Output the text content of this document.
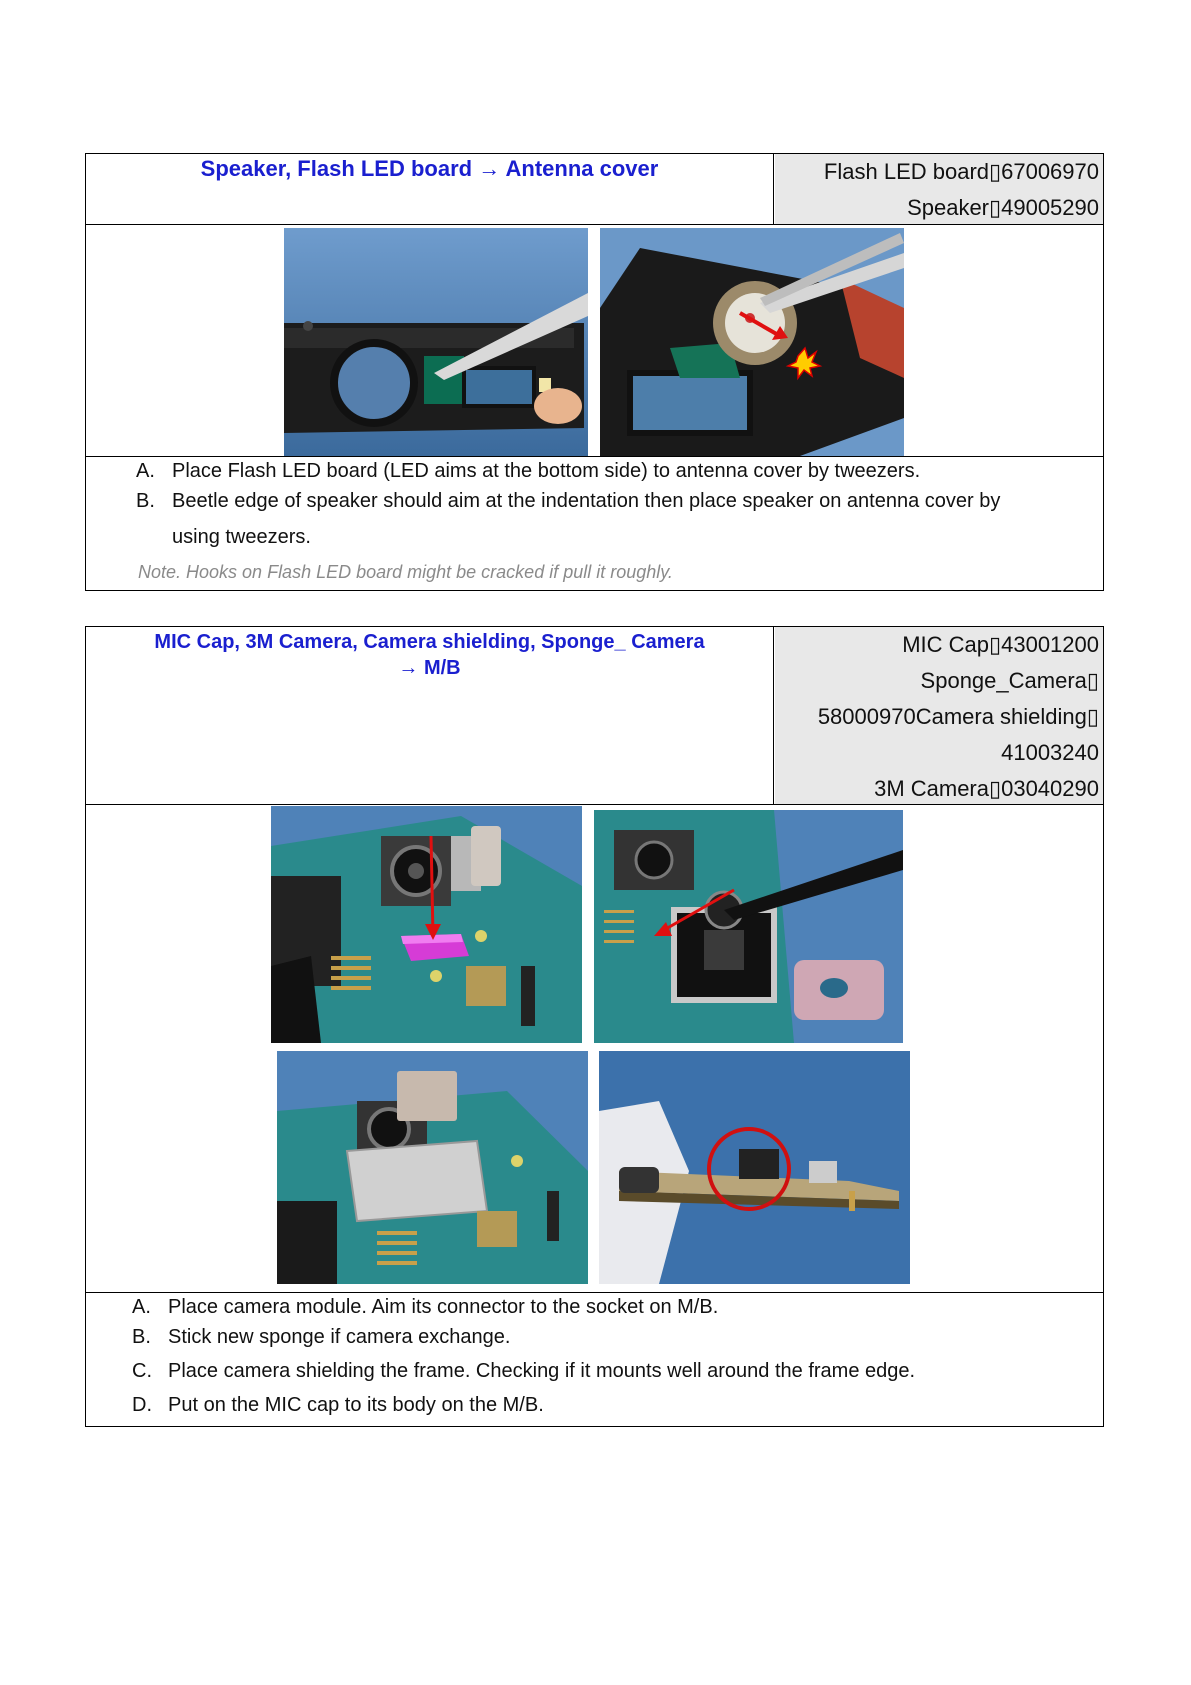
Speaker, Flash LED board → Antenna cover	Flash LED board▯67006970
Speaker▯49005290
A. Place Flash LED board (LED aims at the bottom side) to antenna cover by tweezers.
B. Beetle edge of speaker should aim at the indentation then place speaker on antenna cover by
using tweezers.
Note. Hooks on Flash LED board might be cracked if pull it roughly.
MIC Cap, 3M Camera, Camera shielding, Sponge_ Camera
→ M/B
MIC Cap▯43001200
Sponge_Camera▯
58000970Camera shielding▯
41003240
3M Camera▯03040290
A. Place camera module. Aim its connector to the socket on M/B.
B. Stick new sponge if camera exchange.
C. Place camera shielding the frame. Checking if it mounts well around the frame edge.
D. Put on the MIC cap to its body on the M/B.
